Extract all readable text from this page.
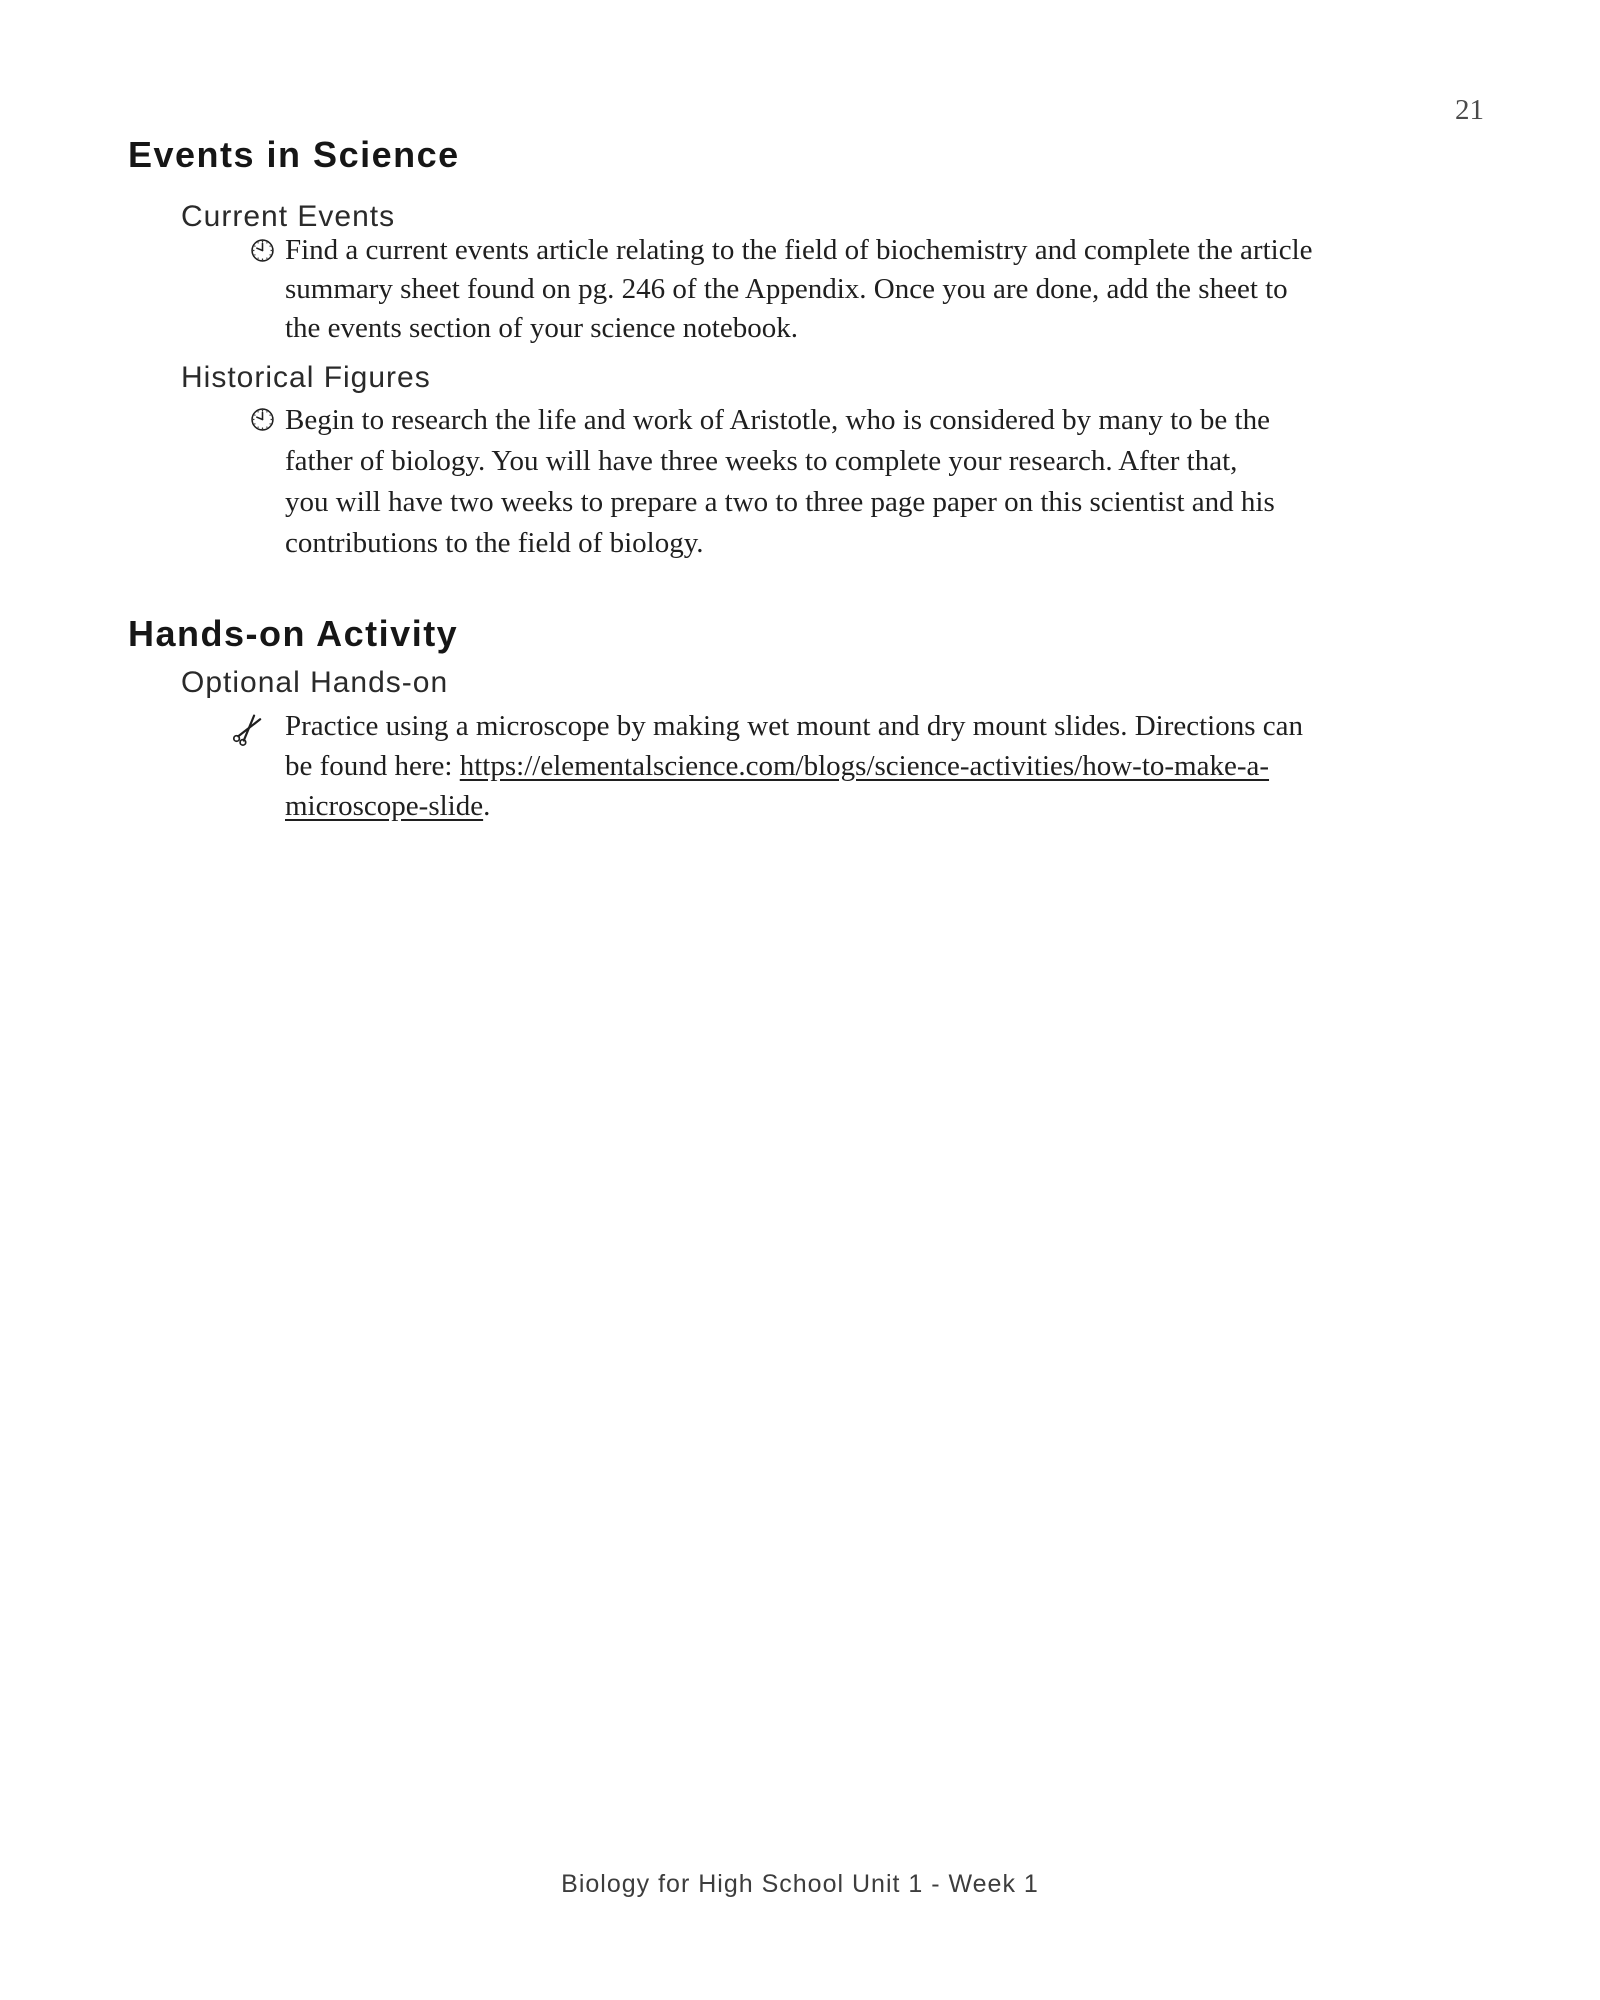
21
Events in Science
Current Events
Find a current events article relating to the field of biochemistry and complete the article
summary sheet found on pg. 246 of the Appendix. Once you are done, add the sheet to
the events section of your science notebook.
Historical Figures
Begin to research the life and work of Aristotle, who is considered by many to be the
father of biology. You will have three weeks to complete your research. After that,
you will have two weeks to prepare a two to three page paper on this scientist and his
contributions to the field of biology.
Hands-on Activity
Optional Hands-on
Practice using a microscope by making wet mount and dry mount slides. Directions can
be found here: https://elementalscience.com/blogs/science-activities/how-to-make-a-
microscope-slide.
Biology for High School Unit 1 - Week 1
